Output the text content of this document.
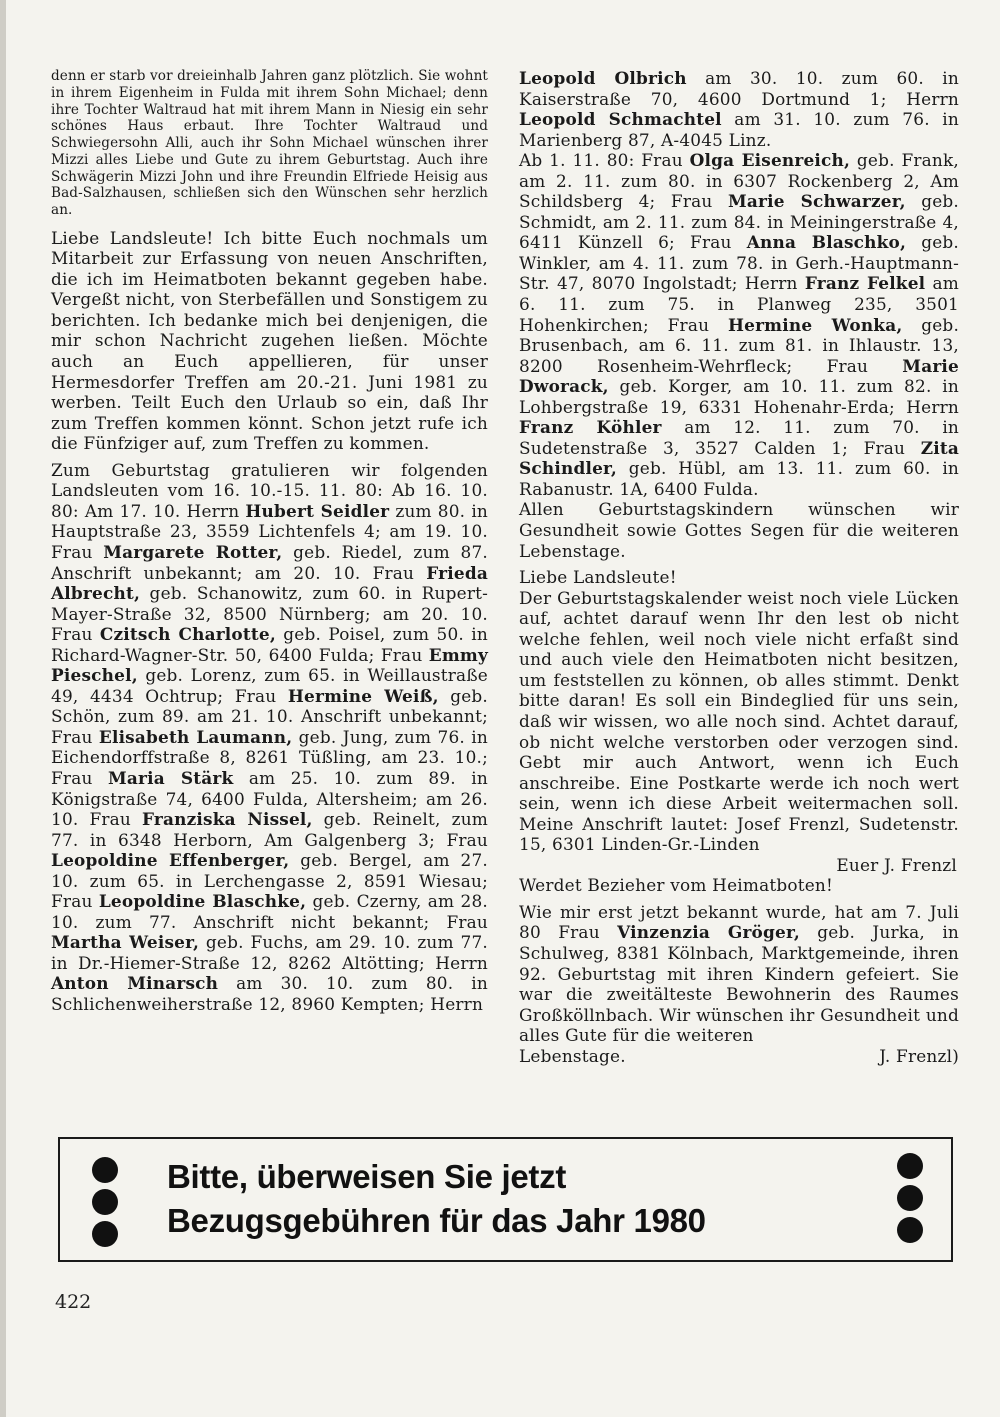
denn er starb vor dreieinhalb Jahren ganz plötzlich. Sie wohnt in ihrem Eigenheim in Fulda mit ihrem Sohn Michael; denn ihre Tochter Waltraud hat mit ihrem Mann in Niesig ein sehr schönes Haus erbaut. Ihre Tochter Waltraud und Schwiegersohn Alli, auch ihr Sohn Michael wünschen ihrer Mizzi alles Liebe und Gute zu ihrem Geburtstag. Auch ihre Schwägerin Mizzi John und ihre Freundin Elfriede Heisig aus Bad-Salzhausen, schließen sich den Wünschen sehr herzlich an.

Liebe Landsleute! Ich bitte Euch nochmals um Mitarbeit zur Erfassung von neuen Anschriften, die ich im Heimatboten bekannt gegeben habe. Vergeßt nicht, von Sterbefällen und Sonstigem zu berichten. Ich bedanke mich bei denjenigen, die mir schon Nachricht zugehen ließen. Möchte auch an Euch appellieren, für unser Hermesdorfer Treffen am 20.-21. Juni 1981 zu werben. Teilt Euch den Urlaub so ein, daß Ihr zum Treffen kommen könnt. Schon jetzt rufe ich die Fünfziger auf, zum Treffen zu kommen.

Zum Geburtstag gratulieren wir folgenden Landsleuten vom 16. 10.-15. 11. 80: Ab 16. 10. 80: Am 17. 10. Herrn Hubert Seidler zum 80. in Hauptstraße 23, 3559 Lichtenfels 4; am 19. 10. Frau Margarete Rotter, geb. Riedel, zum 87. Anschrift unbekannt; am 20. 10. Frau Frieda Albrecht, geb. Schanowitz, zum 60. in Rupert-Mayer-Straße 32, 8500 Nürnberg; am 20. 10. Frau Czitsch Charlotte, geb. Poisel, zum 50. in Richard-Wagner-Str. 50, 6400 Fulda; Frau Emmy Pieschel, geb. Lorenz, zum 65. in Weillaustraße 49, 4434 Ochtrup; Frau Hermine Weiß, geb. Schön, zum 89. am 21. 10. Anschrift unbekannt; Frau Elisabeth Laumann, geb. Jung, zum 76. in Eichendorffstraße 8, 8261 Tüßling, am 23. 10.; Frau Maria Stärk am 25. 10. zum 89. in Königstraße 74, 6400 Fulda, Altersheim; am 26. 10. Frau Franziska Nissel, geb. Reinelt, zum 77. in 6348 Herborn, Am Galgenberg 3; Frau Leopoldine Effenberger, geb. Bergel, am 27. 10. zum 65. in Lerchengasse 2, 8591 Wiesau; Frau Leopoldine Blaschke, geb. Czerny, am 28. 10. zum 77. Anschrift nicht bekannt; Frau Martha Weiser, geb. Fuchs, am 29. 10. zum 77. in Dr.-Hiemer-Straße 12, 8262 Altötting; Herrn Anton Minarsch am 30. 10. zum 80. in Schlichenweiherstraße 12, 8960 Kempten; Herrn

Leopold Olbrich am 30. 10. zum 60. in Kaiserstraße 70, 4600 Dortmund 1; Herrn Leopold Schmachtel am 31. 10. zum 76. in Marienberg 87, A-4045 Linz.

Ab 1. 11. 80: Frau Olga Eisenreich, geb. Frank, am 2. 11. zum 80. in 6307 Rockenberg 2, Am Schildsberg 4; Frau Marie Schwarzer, geb. Schmidt, am 2. 11. zum 84. in Meiningerstraße 4, 6411 Künzell 6; Frau Anna Blaschko, geb. Winkler, am 4. 11. zum 78. in Gerh.-Hauptmann-Str. 47, 8070 Ingolstadt; Herrn Franz Felkel am 6. 11. zum 75. in Planweg 235, 3501 Hohenkirchen; Frau Hermine Wonka, geb. Brusenbach, am 6. 11. zum 81. in Ihlaustr. 13, 8200 Rosenheim-Wehrfleck; Frau Marie Dworack, geb. Korger, am 10. 11. zum 82. in Lohbergstraße 19, 6331 Hohenahr-Erda; Herrn Franz Köhler am 12. 11. zum 70. in Sudetenstraße 3, 3527 Calden 1; Frau Zita Schindler, geb. Hübl, am 13. 11. zum 60. in Rabanustr. 1A, 6400 Fulda.

Allen Geburtstagskindern wünschen wir Gesundheit sowie Gottes Segen für die weiteren Lebenstage.

Liebe Landsleute!

Der Geburtstagskalender weist noch viele Lücken auf, achtet darauf wenn Ihr den lest ob nicht welche fehlen, weil noch viele nicht erfaßt sind und auch viele den Heimatboten nicht besitzen, um feststellen zu können, ob alles stimmt. Denkt bitte daran! Es soll ein Bindeglied für uns sein, daß wir wissen, wo alle noch sind. Achtet darauf, ob nicht welche verstorben oder verzogen sind. Gebt mir auch Antwort, wenn ich Euch anschreibe. Eine Postkarte werde ich noch wert sein, wenn ich diese Arbeit weitermachen soll. Meine Anschrift lautet: Josef Frenzl, Sudetenstr. 15, 6301 Linden-Gr.-Linden

Euer J. Frenzl

Werdet Bezieher vom Heimatboten!

Wie mir erst jetzt bekannt wurde, hat am 7. Juli 80 Frau Vinzenzia Gröger, geb. Jurka, in Schulweg, 8381 Kölnbach, Marktgemeinde, ihren 92. Geburtstag mit ihren Kindern gefeiert. Sie war die zweitälteste Bewohnerin des Raumes Großköllnbach. Wir wünschen ihr Gesundheit und alles Gute für die weiteren

Lebenstage.	J. Frenzl)
Bitte, überweisen Sie jetzt
Bezugsgebühren für das Jahr 1980
422
